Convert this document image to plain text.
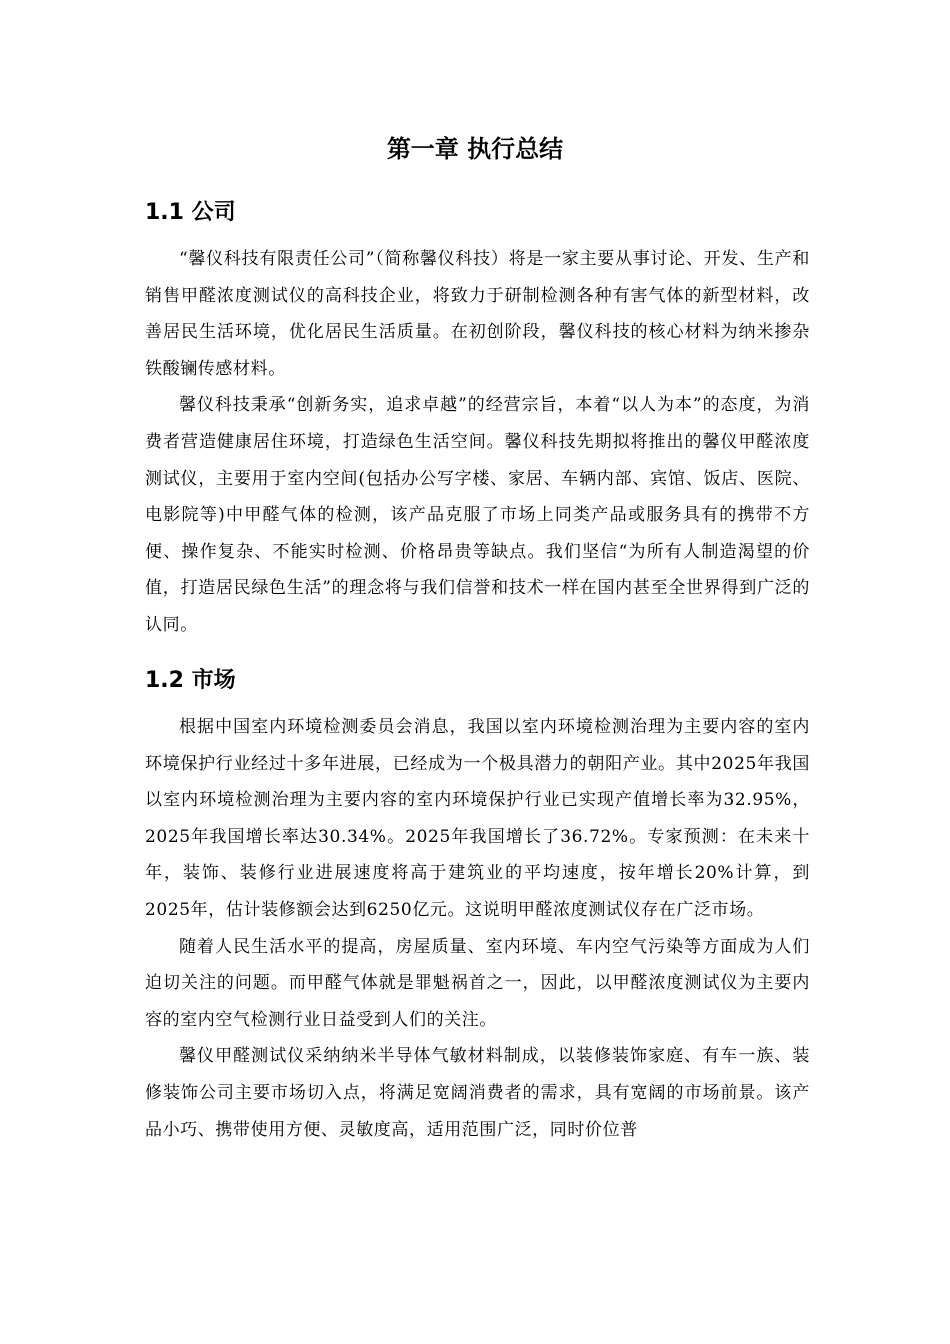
第一章 执行总结
1.1 公司

“馨仪科技有限责任公司”（简称馨仪科技）将是一家主要从事讨论、开发、生产和销售甲醛浓度测试仪的高科技企业，将致力于研制检测各种有害气体的新型材料，改善居民生活环境，优化居民生活质量。在初创阶段，馨仪科技的核心材料为纳米掺杂铁酸镧传感材料。

馨仪科技秉承“创新务实，追求卓越”的经营宗旨，本着“以人为本”的态度，为消费者营造健康居住环境，打造绿色生活空间。馨仪科技先期拟将推出的馨仪甲醛浓度测试仪，主要用于室内空间(包括办公写字楼、家居、车辆内部、宾馆、饭店、医院、电影院等)中甲醛气体的检测，该产品克服了市场上同类产品或服务具有的携带不方便、操作复杂、不能实时检测、价格昂贵等缺点。我们坚信“为所有人制造渴望的价值，打造居民绿色生活”的理念将与我们信誉和技术一样在国内甚至全世界得到广泛的认同。

1.2 市场

根据中国室内环境检测委员会消息，我国以室内环境检测治理为主要内容的室内环境保护行业经过十多年进展，已经成为一个极具潜力的朝阳产业。其中2025年我国以室内环境检测治理为主要内容的室内环境保护行业已实现产值增长率为32.95%，2025年我国增长率达30.34%。2025年我国增长了36.72%。专家预测：在未来十年，装饰、装修行业进展速度将高于建筑业的平均速度，按年增长20%计算，到2025年，估计装修额会达到6250亿元。这说明甲醛浓度测试仪存在广泛市场。

随着人民生活水平的提高，房屋质量、室内环境、车内空气污染等方面成为人们迫切关注的问题。而甲醛气体就是罪魁祸首之一，因此，以甲醛浓度测试仪为主要内容的室内空气检测行业日益受到人们的关注。

馨仪甲醛测试仪采纳纳米半导体气敏材料制成，以装修装饰家庭、有车一族、装修装饰公司主要市场切入点，将满足宽阔消费者的需求，具有宽阔的市场前景。该产品小巧、携带使用方便、灵敏度高，适用范围广泛，同时价位普
